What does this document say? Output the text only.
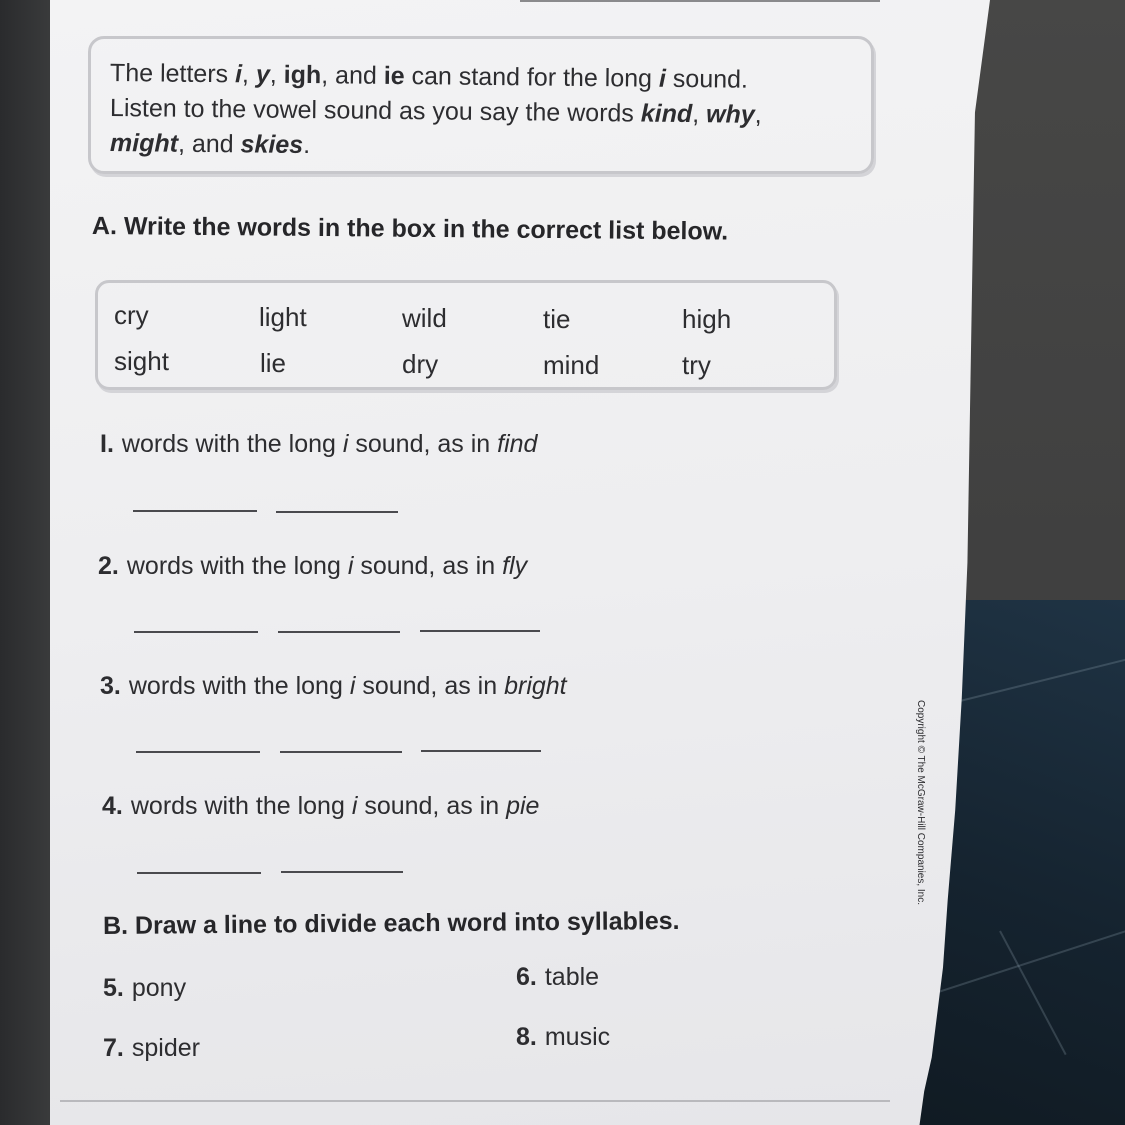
The letters i, y, igh, and ie can stand for the long i sound.
Listen to the vowel sound as you say the words kind, why,
might, and skies.
A. Write the words in the box in the correct list below.
cry	light	wild	tie	high
sight	lie	dry	mind	try
I. words with the long i sound, as in find
2. words with the long i sound, as in fly
3. words with the long i sound, as in bright
4. words with the long i sound, as in pie
B. Draw a line to divide each word into syllables.
5. pony	6. table
7. spider	8. music
Copyright © The McGraw-Hill Companies, Inc.
